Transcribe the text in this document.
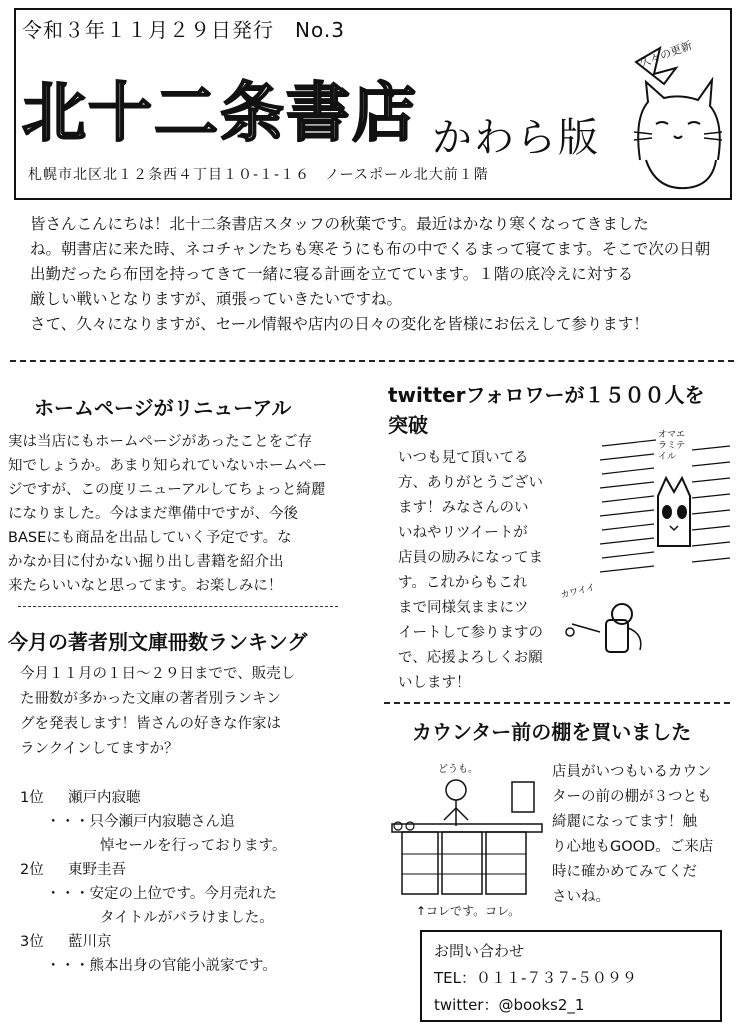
令和３年１１月２９日発行　No.3
北十二条書店 かわら版
札幌市北区北１２条西４丁目１０-１-１６　ノースポール北大前１階
久々の更新

皆さんこんにちは！北十二条書店スタッフの秋葉です。最近はかなり寒くなってきました

ね。朝書店に来た時、ネコチャンたちも寒そうにも布の中でくるまって寝てます。そこで次の日朝

出勤だったら布団を持ってきて一緒に寝る計画を立てています。１階の底冷えに対する

厳しい戦いとなりますが、頑張っていきたいですね。

さて、久々になりますが、セール情報や店内の日々の変化を皆様にお伝えして参ります！

ホームページがリニューアル

実は当店にもホームページがあったことをご存

知でしょうか。あまり知られていないホームペー

ジですが、この度リニューアルしてちょっと綺麗

になりました。今はまだ準備中ですが、今後

BASEにも商品を出品していく予定です。な

かなか目に付かない掘り出し書籍を紹介出

来たらいいなと思ってます。お楽しみに！

今月の著者別文庫冊数ランキング

今月１１月の１日〜２９日までで、販売し

た冊数が多かった文庫の著者別ランキン

グを発表します！皆さんの好きな作家は

ランクインしてますか？

1位 瀬戸内寂聴
・・・只今瀬戸内寂聴さん追
悼セールを行っております。
2位 東野圭吾
・・・安定の上位です。今月売れた
タイトルがバラけました。
3位 藍川京
・・・熊本出身の官能小説家です。
twitterフォロワーが１５００人を
突破

いつも見て頂いてる

方、ありがとうござい

ます！みなさんのい

いねやリツイートが

店員の励みになってま

す。これからもこれ

まで同様気ままにツ

イートして参りますの

で、応援よろしくお願

いします！

オマエラミテイル
カワイイ
カウンター前の棚を買いました
どうも。
↑コレです。コレ。

店員がいつもいるカウン

ターの前の棚が３つとも

綺麗になってます！触

り心地もGOOD。ご来店

時に確かめてみてくだ

さいね。

お問い合わせ

TEL：０１１-７３７-５０９９

twitter：@books2_1
